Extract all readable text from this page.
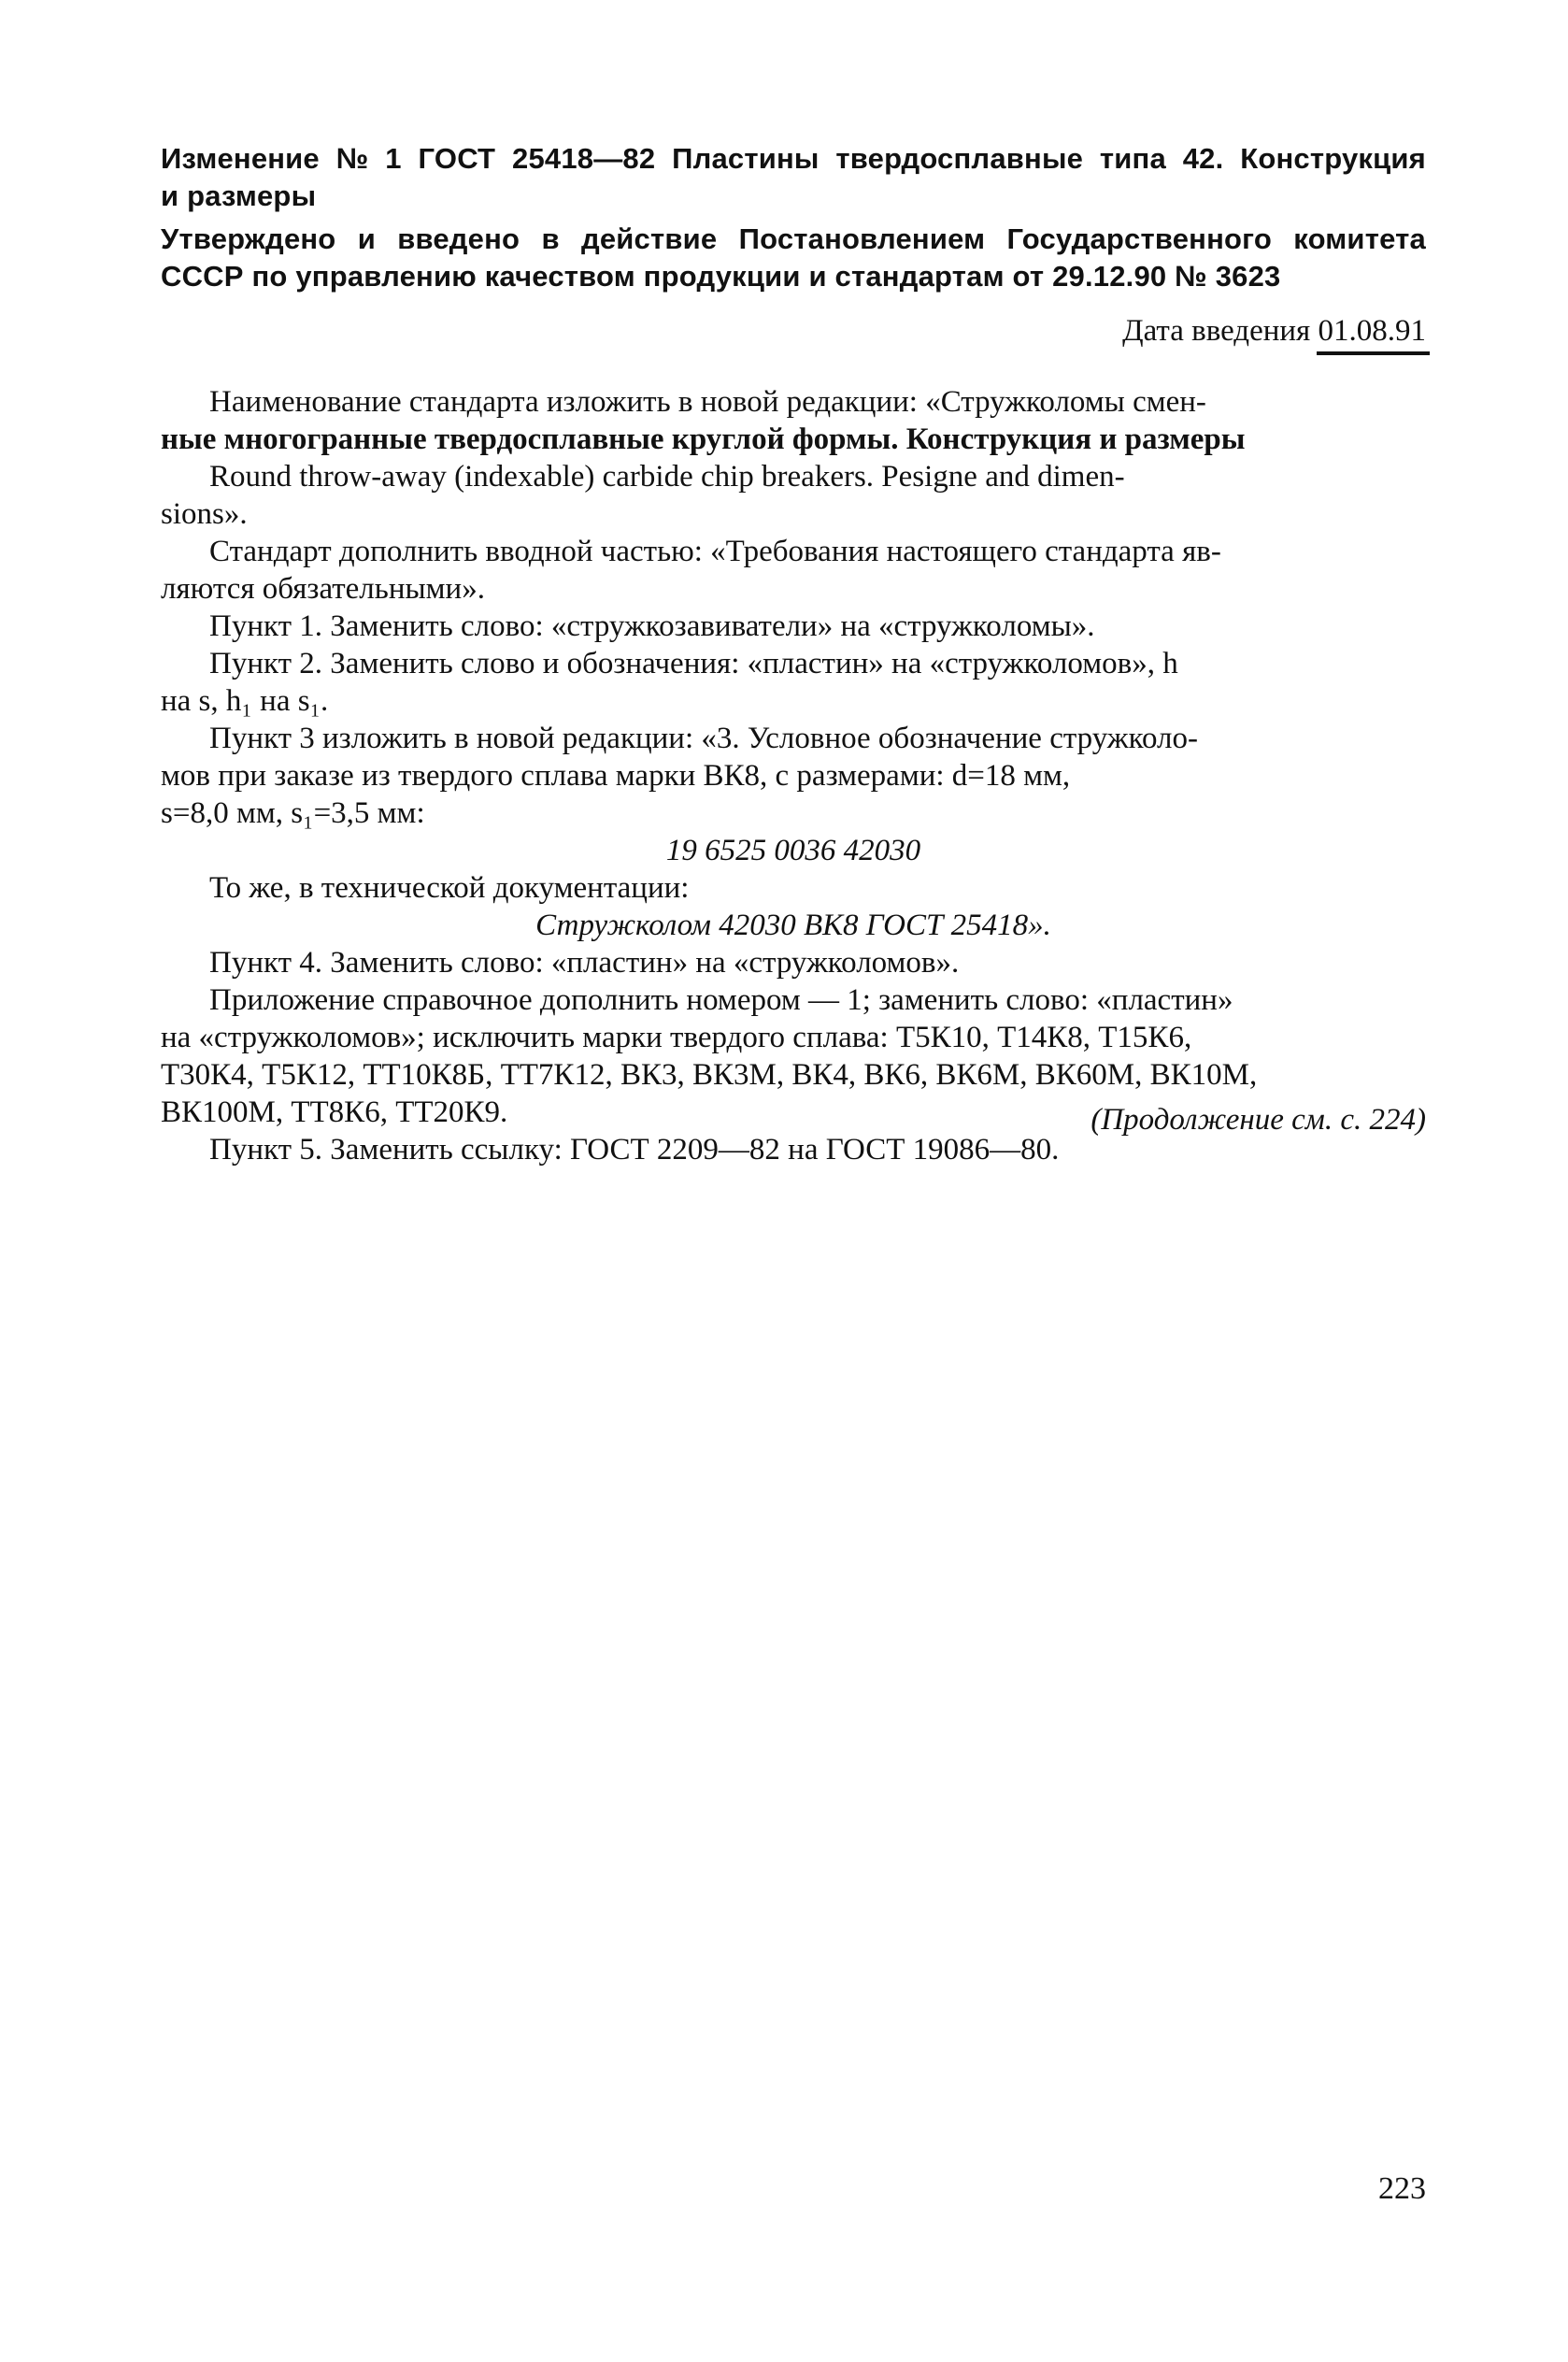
Изменение № 1 ГОСТ 25418—82 Пластины твердосплавные типа 42. Конструкция
и размеры
Утверждено и введено в действие Постановлением Государственного комитета
СССР по управлению качеством продукции и стандартам от 29.12.90 № 3623
Дата введения 01.08.91
Наименование стандарта изложить в новой редакции: «Стружколомы смен-
ные многогранные твердосплавные круглой формы. Конструкция и размеры
Round throw-away (indexable) carbide chip breakers. Pesigne and dimen-
sions».
Стандарт дополнить вводной частью: «Требования настоящего стандарта яв-
ляются обязательными».
Пункт 1. Заменить слово: «стружкозавиватели» на «стружколомы».
Пункт 2. Заменить слово и обозначения: «пластин» на «стружколомов», h
на s, h₁ на s₁.
Пункт 3 изложить в новой редакции: «3. Условное обозначение стружколо-
мов при заказе из твердого сплава марки ВК8, с размерами: d=18 мм,
s=8,0 мм, s₁=3,5 мм:
19 6525 0036 42030
То же, в технической документации:
Стружколом 42030 ВК8 ГОСТ 25418».
Пункт 4. Заменить слово: «пластин» на «стружколомов».
Приложение справочное дополнить номером — 1; заменить слово: «пластин»
на «стружколомов»; исключить марки твердого сплава: Т5К10, Т14К8, Т15К6,
Т30К4, Т5К12, ТТ10К8Б, ТТ7К12, ВК3, ВК3М, ВК4, ВК6, ВК6М, ВК60М, ВК10М,
ВК100М, ТТ8К6, ТТ20К9.
Пункт 5. Заменить ссылку: ГОСТ 2209—82 на ГОСТ 19086—80.
(Продолжение см. с. 224)
223
